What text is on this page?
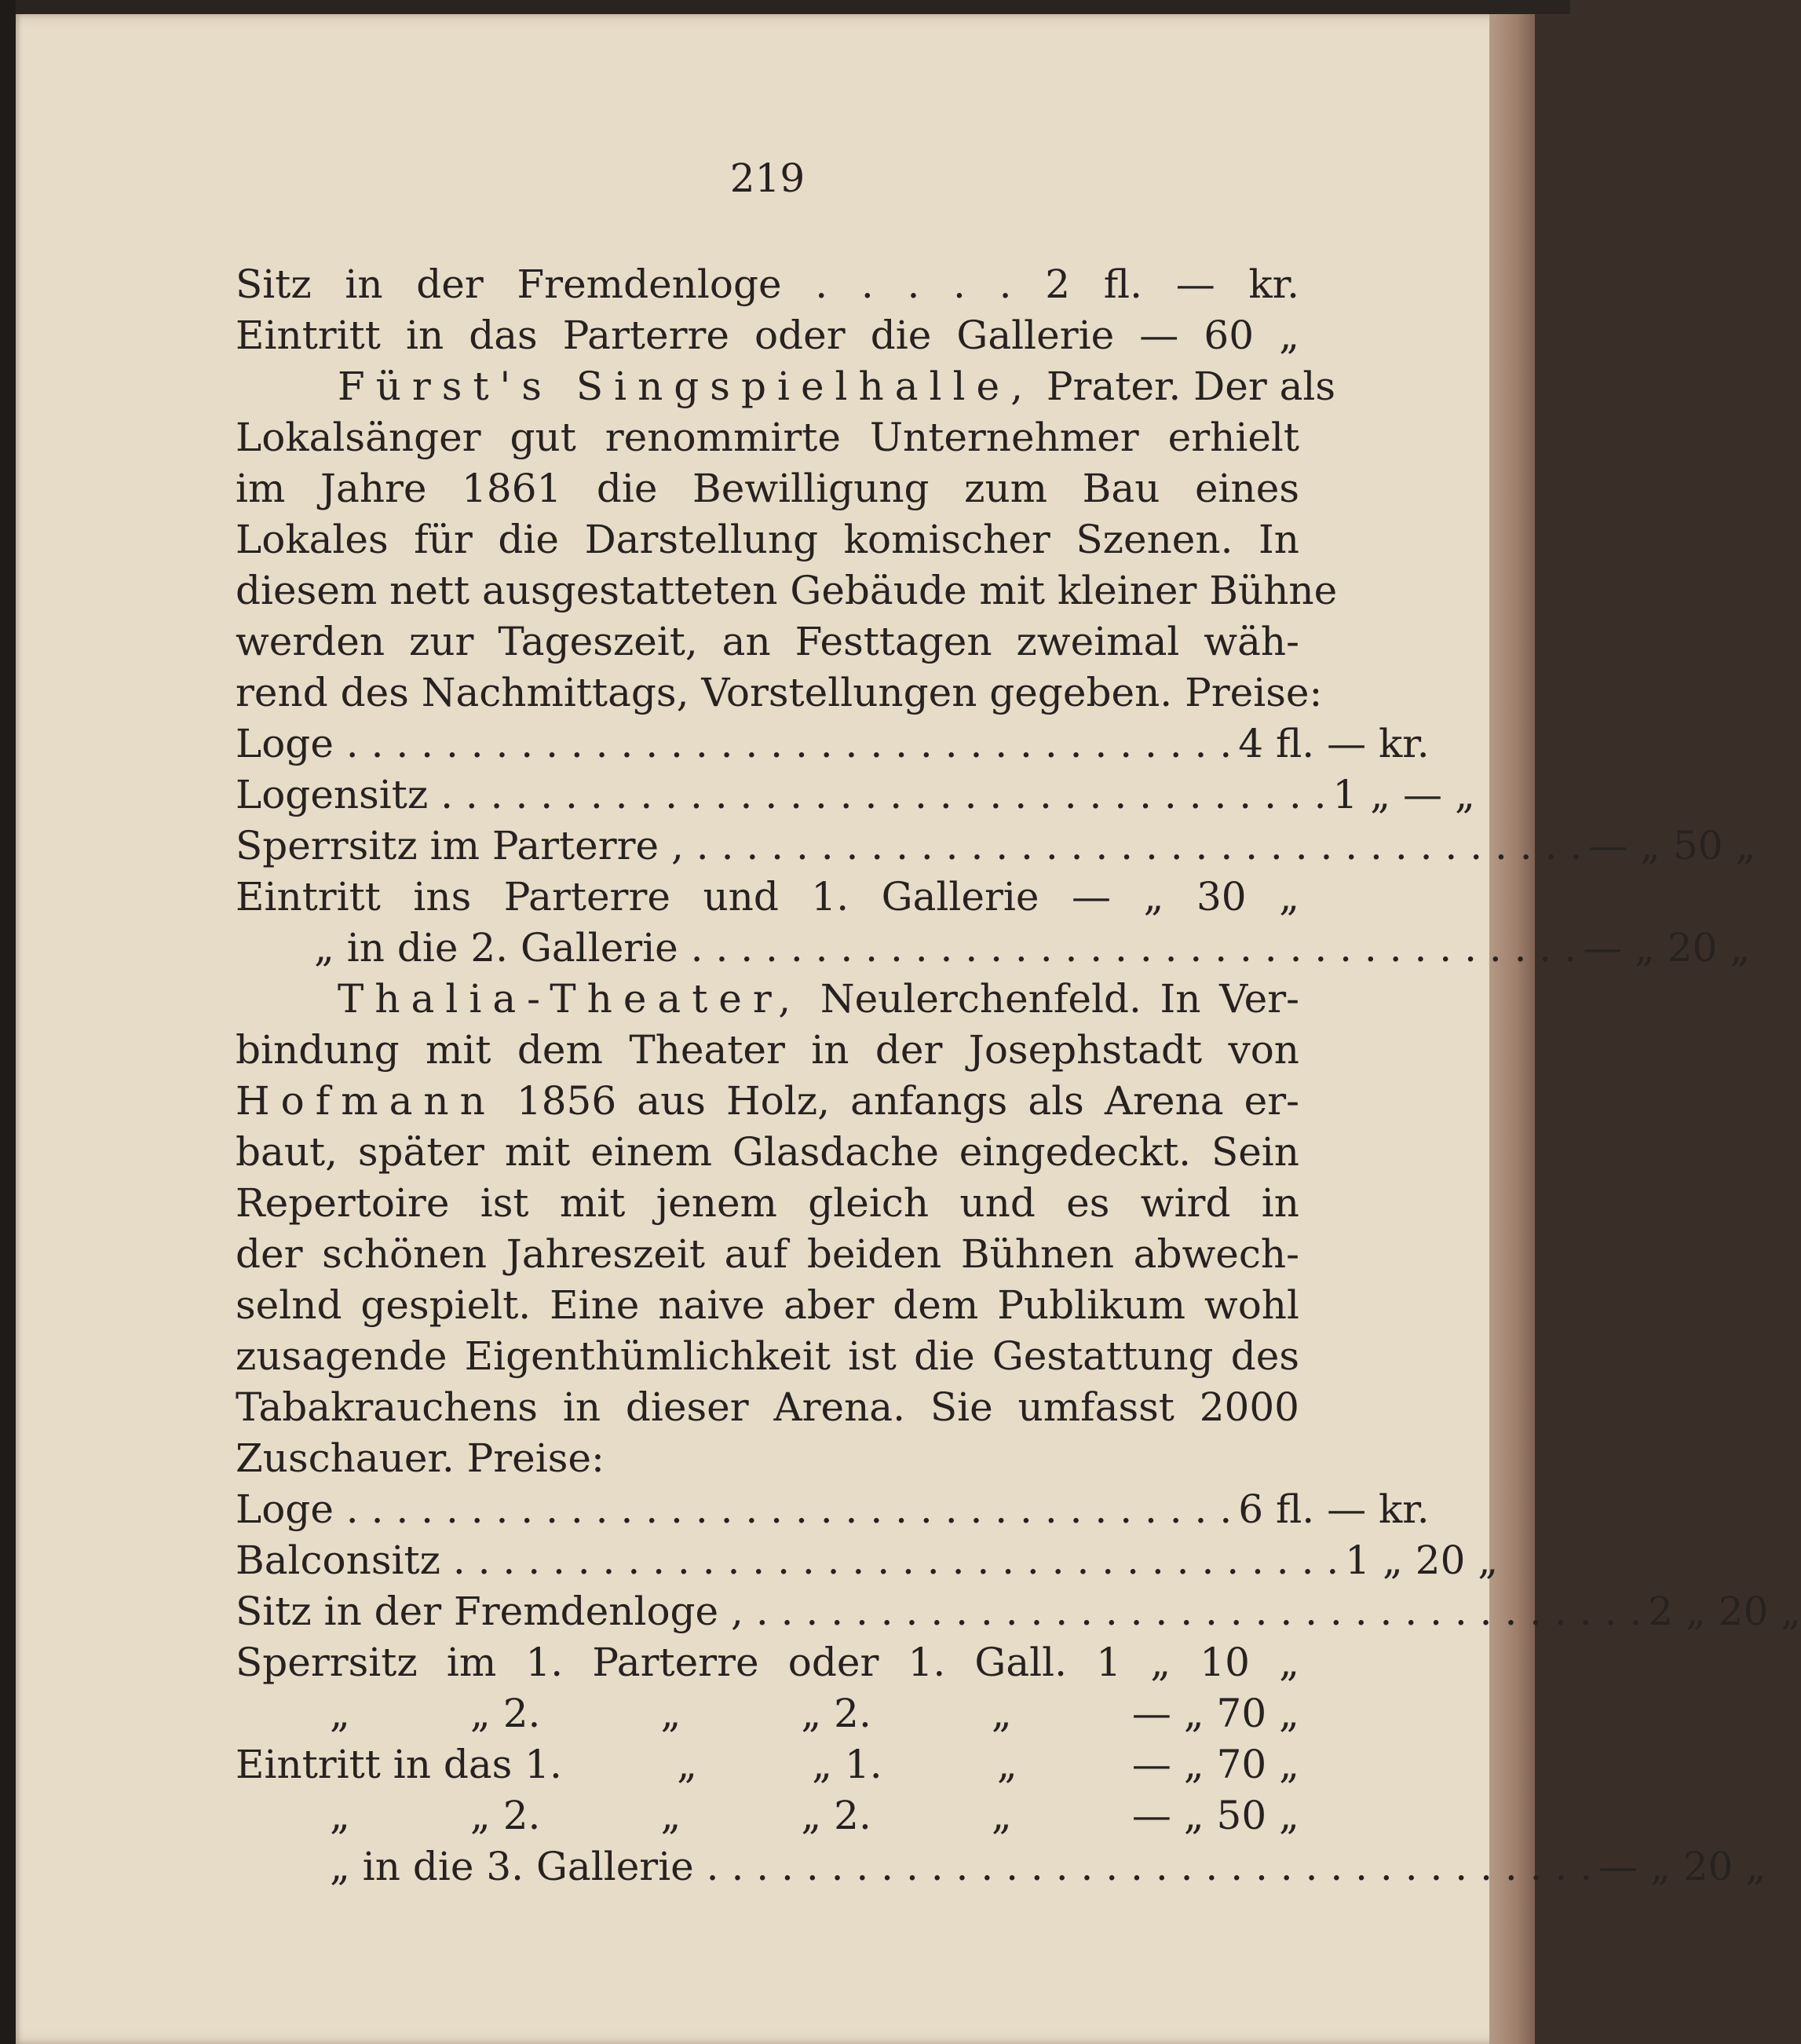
219
Sitz in der Fremdenloge . . . . . 2 fl. — kr.
Eintritt in das Parterre oder die Gallerie — 60 „
Fürst's Singspielhalle, Prater. Der als
Lokalsänger gut renommirte Unternehmer erhielt
im Jahre 1861 die Bewilligung zum Bau eines
Lokales für die Darstellung komischer Szenen. In
diesem nett ausgestatteten Gebäude mit kleiner Bühne
werden zur Tageszeit, an Festtagen zweimal wäh-
rend des Nachmittags, Vorstellungen gegeben. Preise:
Loge . . . . . . . . . . . . . . . . . . . . . . . . . . . . . . . . . . . . 4 fl. — kr.
Logensitz . . . . . . . . . . . . . . . . . . . . . . . . . . . . . . . . . . . . 1 „ — „
Sperrsitz im Parterre , . . . . . . . . . . . . . . . . . . . . . . . . . . . . . . . . . . . . — „ 50 „
Eintritt ins Parterre und 1. Gallerie — „ 30 „
„ in die 2. Gallerie . . . . . . . . . . . . . . . . . . . . . . . . . . . . . . . . . . . . — „ 20 „
Thalia-Theater, Neulerchenfeld. In Ver-
bindung mit dem Theater in der Josephstadt von
Hofmann 1856 aus Holz, anfangs als Arena er-
baut, später mit einem Glasdache eingedeckt. Sein
Repertoire ist mit jenem gleich und es wird in
der schönen Jahreszeit auf beiden Bühnen abwech-
selnd gespielt. Eine naive aber dem Publikum wohl
zusagende Eigenthümlichkeit ist die Gestattung des
Tabakrauchens in dieser Arena. Sie umfasst 2000
Zuschauer. Preise:
Loge . . . . . . . . . . . . . . . . . . . . . . . . . . . . . . . . . . . . 6 fl. — kr.
Balconsitz . . . . . . . . . . . . . . . . . . . . . . . . . . . . . . . . . . . . 1 „ 20 „
Sitz in der Fremdenloge , . . . . . . . . . . . . . . . . . . . . . . . . . . . . . . . . . . . . 2 „ 20 „
Sperrsitz im 1. Parterre oder 1. Gall. 1 „ 10 „
„	„ 2.	„	„ 2.	„	— „ 70 „
Eintritt in das 1.	„	„ 1.	„	— „ 70 „
„	„ 2.	„	„ 2.	„	— „ 50 „
„ in die 3. Gallerie . . . . . . . . . . . . . . . . . . . . . . . . . . . . . . . . . . . . — „ 20 „
